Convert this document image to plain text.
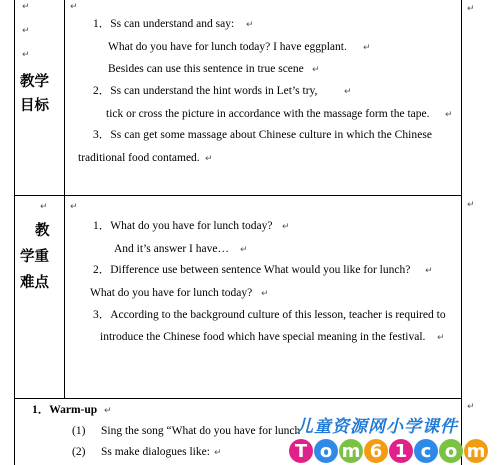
↵
↵
↵
↵	↵
↵
↵
↵
↵
教学
目标
1．Ss can understand and say: ↵
What do you have for lunch today? I have eggplant. ↵
Besides can use this sentence in true scene ↵
2．Ss can understand the hint words in Let’s try,	↵
tick or cross the picture in accordance with the massage form the tape. ↵
3．Ss can get some massage about Chinese culture in which the Chinese
traditional food contamed. ↵
教
学重
难点
1．What do you have for lunch today? ↵
And it’s answer I have… ↵
2．Difference use between sentence What would you like for lunch? ↵
What do you have for lunch today? ↵
3．According to the background culture of this lesson, teacher is required to
introduce the Chinese food which have special meaning in the festival. ↵
1．Warm-up ↵
(1) Sing the song “What do you have for lunch
(2) Ss make dialogues like: ↵
儿童资源网小学课件
T o m 6 1 c o m
